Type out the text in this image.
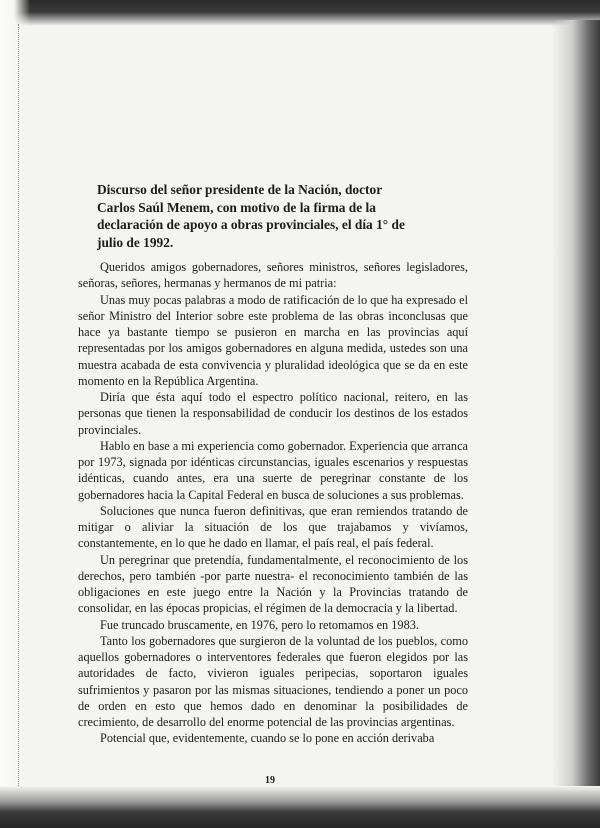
Discurso del señor presidente de la Nación, doctor Carlos Saúl Menem, con motivo de la firma de la declaración de apoyo a obras provinciales, el día 1° de julio de 1992.

Queridos amigos gobernadores, señores ministros, señores legisladores, señoras, señores, hermanas y hermanos de mi patria:

Unas muy pocas palabras a modo de ratificación de lo que ha expresado el señor Ministro del Interior sobre este problema de las obras inconclusas que hace ya bastante tiempo se pusieron en marcha en las provincias aquí representadas por los amigos gobernadores en alguna medida, ustedes son una muestra acabada de esta convivencia y pluralidad ideológica que se da en este momento en la República Argentina.

Diría que ésta aquí todo el espectro político nacional, reitero, en las personas que tienen la responsabilidad de conducir los destinos de los estados provinciales.

Hablo en base a mi experiencia como gobernador. Experiencia que arranca por 1973, signada por idénticas circunstancias, iguales escenarios y respuestas idénticas, cuando antes, era una suerte de peregrinar constante de los gobernadores hacia la Capital Federal en busca de soluciones a sus problemas.

Soluciones que nunca fueron definitivas, que eran remiendos tratando de mitigar o aliviar la situación de los que trajabamos y vivíamos, constantemente, en lo que he dado en llamar, el país real, el país federal.

Un peregrinar que pretendía, fundamentalmente, el reconocimiento de los derechos, pero también -por parte nuestra- el reconocimiento también de las obligaciones en este juego entre la Nación y la Provincias tratando de consolidar, en las épocas propicias, el régimen de la democracia y la libertad.

Fue truncado bruscamente, en 1976, pero lo retomamos en 1983.

Tanto los gobernadores que surgieron de la voluntad de los pueblos, como aquellos gobernadores o interventores federales que fueron elegidos por las autoridades de facto, vivieron iguales peripecias, soportaron iguales sufrimientos y pasaron por las mismas situaciones, tendiendo a poner un poco de orden en esto que hemos dado en denominar la posibilidades de crecimiento, de desarrollo del enorme potencial de las provincias argentinas.

Potencial que, evidentemente, cuando se lo pone en acción derivaba

19
